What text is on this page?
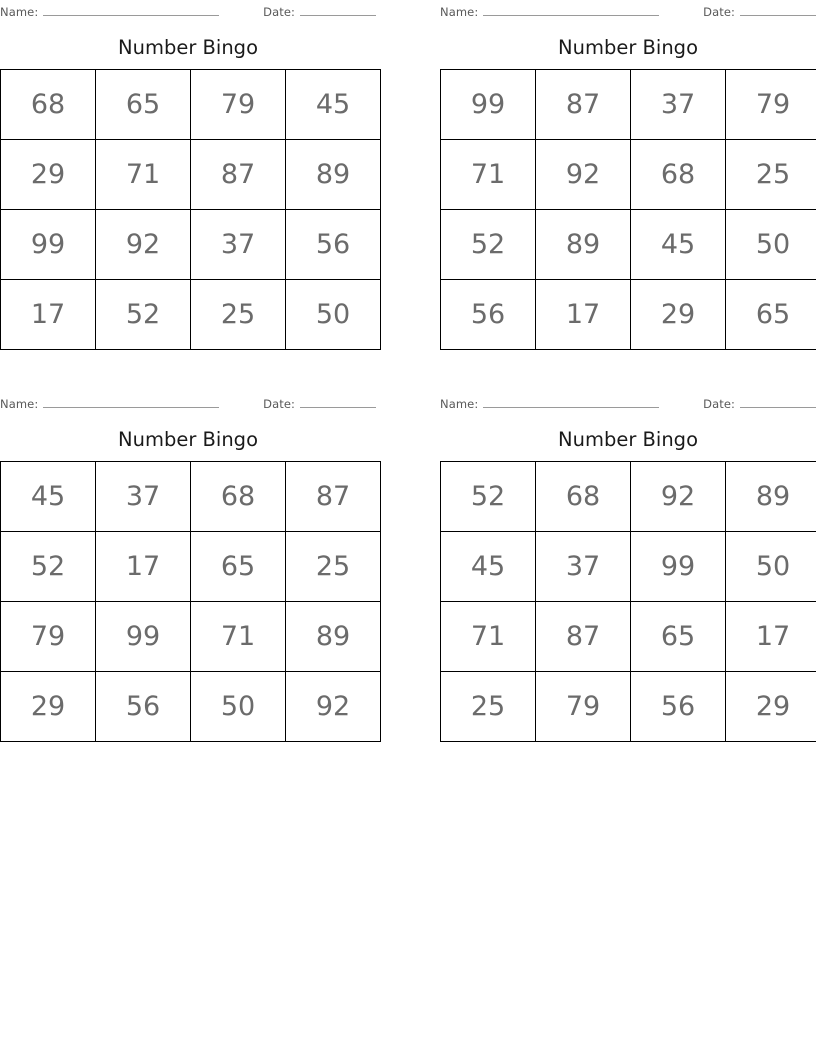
Name:	Date:
Number Bingo
68	65	79	45
29	71	87	89
99	92	37	56
17	52	25	50
Name:	Date:
Number Bingo
99	87	37	79
71	92	68	25
52	89	45	50
56	17	29	65
Name:	Date:
Number Bingo
45	37	68	87
52	17	65	25
79	99	71	89
29	56	50	92
Name:	Date:
Number Bingo
52	68	92	89
45	37	99	50
71	87	65	17
25	79	56	29
